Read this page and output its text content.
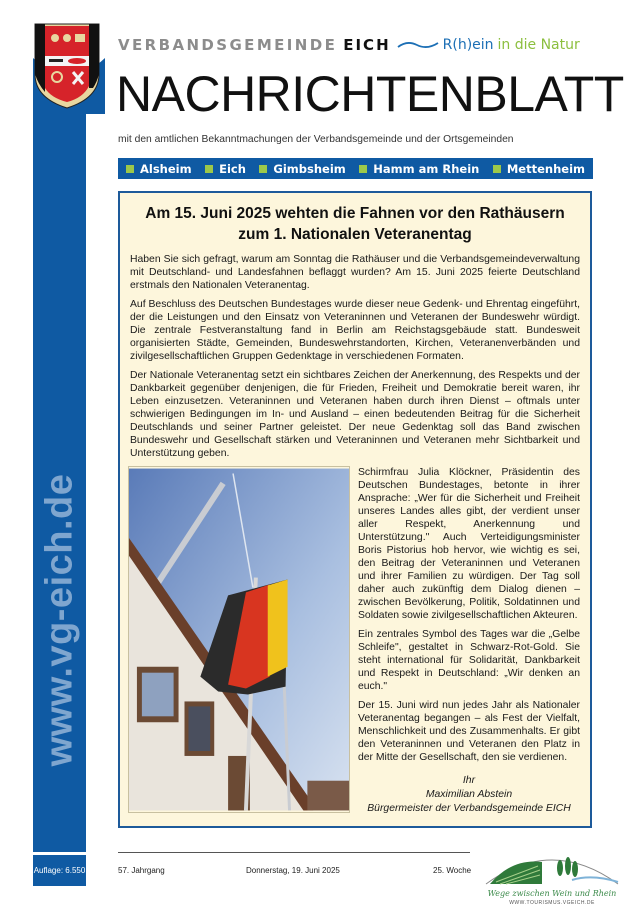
www.vg-eich.de
VERBANDSGEMEINDE EICH	R(h)ein in die Natur
NACHRICHTENBLATT
mit den amtlichen Bekanntmachungen der Verbandsgemeinde und der Ortsgemeinden
Alsheim Eich Gimbsheim Hamm am Rhein Mettenheim
Am 15. Juni 2025 wehten die Fahnen vor den Rathäusern
zum 1. Nationalen Veteranentag

Haben Sie sich gefragt, warum am Sonntag die Rathäuser und die Verbandsgemeindeverwaltung mit Deutschland- und Landesfahnen beflaggt wurden? Am 15. Juni 2025 feierte Deutschland erstmals den Nationalen Veteranentag.

Auf Beschluss des Deutschen Bundestages wurde dieser neue Gedenk- und Ehrentag eingeführt, der die Leistungen und den Einsatz von Veteraninnen und Veteranen der Bundeswehr würdigt. Die zentrale Festveranstaltung fand in Berlin am Reichstagsgebäude statt. Bundesweit organisierten Städte, Gemeinden, Bundeswehrstandorten, Kirchen, Veteranenverbänden und zivilgesellschaftlichen Gruppen Gedenktage in verschiedenen Formaten.

Der Nationale Veteranentag setzt ein sichtbares Zeichen der Anerkennung, des Respekts und der Dankbarkeit gegenüber denjenigen, die für Frieden, Freiheit und Demokratie bereit waren, ihr Leben einzusetzen. Veteraninnen und Veteranen haben durch ihren Dienst – oftmals unter schwierigen Bedingungen im In- und Ausland – einen bedeutenden Beitrag für die Sicherheit Deutschlands und seiner Partner geleistet. Der neue Gedenktag soll das Band zwischen Bundeswehr und Gesellschaft stärken und Veteraninnen und Veteranen mehr Sichtbarkeit und Unterstützung geben.

Schirmfrau Julia Klöckner, Präsidentin des Deutschen Bundestages, betonte in ihrer Ansprache: „Wer für die Sicherheit und Freiheit unseres Landes alles gibt, der verdient unser aller Respekt, Anerkennung und Unterstützung." Auch Verteidigungsminister Boris Pistorius hob hervor, wie wichtig es sei, den Beitrag der Veteraninnen und Veteranen und ihrer Familien zu würdigen. Der Tag soll daher auch zukünftig dem Dialog dienen – zwischen Bevölkerung, Politik, Soldatinnen und Soldaten sowie zivilgesellschaftlichen Akteuren.

Ein zentrales Symbol des Tages war die „Gelbe Schleife", gestaltet in Schwarz-Rot-Gold. Sie steht international für Solidarität, Dankbarkeit und Respekt in Deutschland: „Wir denken an euch."

Der 15. Juni wird nun jedes Jahr als Nationaler Veteranentag begangen – als Fest der Vielfalt, Menschlichkeit und des Zusammenhalts. Er gibt den Veteraninnen und Veteranen den Platz in der Mitte der Gesellschaft, den sie verdienen.

Ihr
Maximilian Abstein
Bürgermeister der Verbandsgemeinde EICH
57. Jahrgang	Donnerstag, 19. Juni 2025	25. Woche
Wege zwischen Wein und Rhein
WWW.TOURISMUS.VGEICH.DE
Auflage: 6.550
